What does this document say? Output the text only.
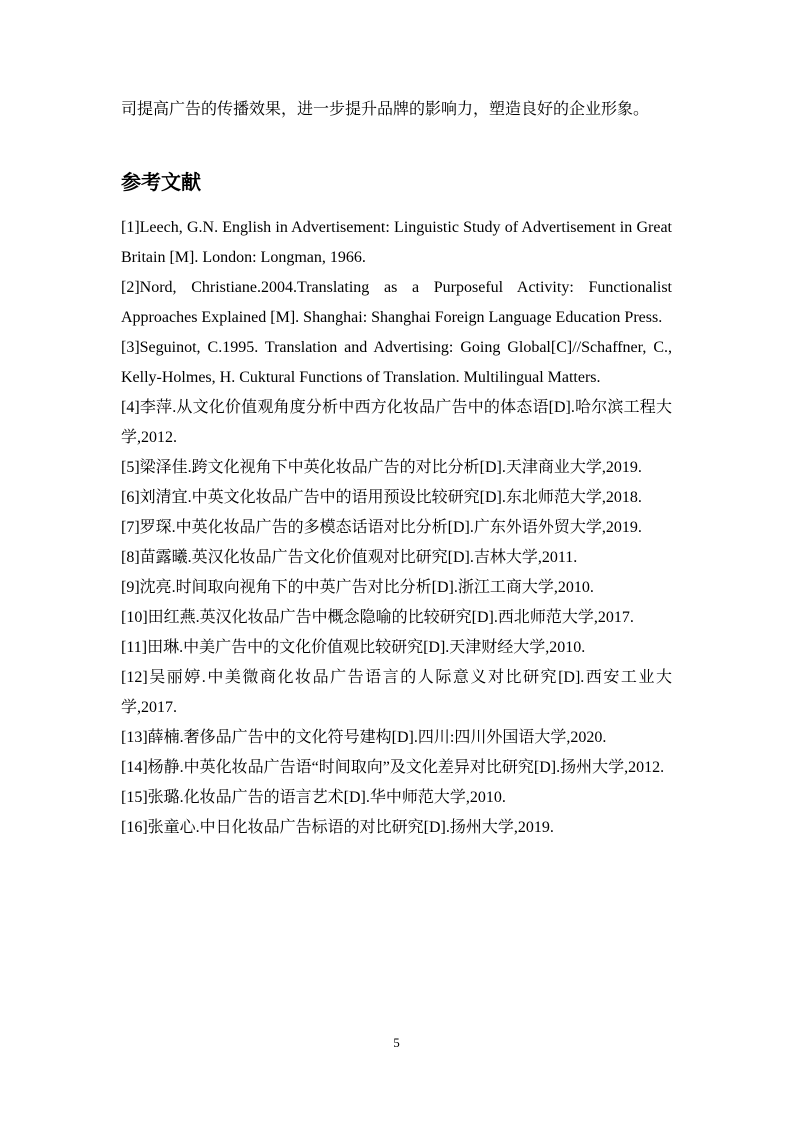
司提高广告的传播效果，进一步提升品牌的影响力，塑造良好的企业形象。

参考文献

[1]Leech, G.N. English in Advertisement: Linguistic Study of Advertisement in Great Britain [M]. London: Longman, 1966.

[2]Nord, Christiane.2004.Translating as a Purposeful Activity: Functionalist Approaches Explained [M]. Shanghai: Shanghai Foreign Language Education Press.

[3]Seguinot, C.1995. Translation and Advertising: Going Global[C]//Schaffner, C., Kelly-Holmes, H. Cuktural Functions of Translation. Multilingual Matters.

[4]李萍.从文化价值观角度分析中西方化妆品广告中的体态语[D].哈尔滨工程大学,2012.

[5]梁泽佳.跨文化视角下中英化妆品广告的对比分析[D].天津商业大学,2019.

[6]刘清宜.中英文化妆品广告中的语用预设比较研究[D].东北师范大学,2018.

[7]罗琛.中英化妆品广告的多模态话语对比分析[D].广东外语外贸大学,2019.

[8]苗露曦.英汉化妆品广告文化价值观对比研究[D].吉林大学,2011.

[9]沈亮.时间取向视角下的中英广告对比分析[D].浙江工商大学,2010.

[10]田红燕.英汉化妆品广告中概念隐喻的比较研究[D].西北师范大学,2017.

[11]田琳.中美广告中的文化价值观比较研究[D].天津财经大学,2010.

[12]吴丽婷.中美微商化妆品广告语言的人际意义对比研究[D].西安工业大学,2017.

[13]薛楠.奢侈品广告中的文化符号建构[D].四川:四川外国语大学,2020.

[14]杨静.中英化妆品广告语“时间取向”及文化差异对比研究[D].扬州大学,2012.

[15]张璐.化妆品广告的语言艺术[D].华中师范大学,2010.

[16]张童心.中日化妆品广告标语的对比研究[D].扬州大学,2019.

5
